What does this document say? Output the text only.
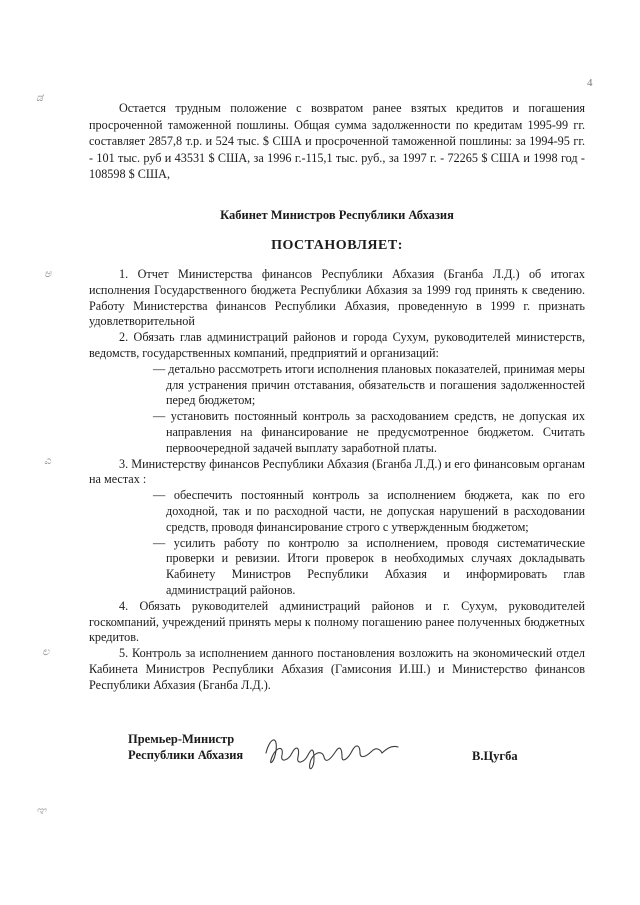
4
ಡ
ಅ
ಎ
ಲ
ಞ

Остается трудным положение с возвратом ранее взятых кредитов и погашения просроченной таможенной пошлины. Общая сумма задолженности по кредитам 1995-99 гг. составляет 2857,8 т.р. и 524 тыс. $ США и просроченной таможенной пошлины: за 1994-95 гг. - 101 тыс. руб и 43531 $ США, за 1996 г.-115,1 тыс. руб., за 1997 г. - 72265 $ США и 1998 год - 108598 $ США,

Кабинет Министров Республики Абхазия

ПОСТАНОВЛЯЕТ:

1. Отчет Министерства финансов Республики Абхазия (Бганба Л.Д.) об итогах исполнения Государственного бюджета Республики Абхазия за 1999 год принять к сведению. Работу Министерства финансов Республики Абхазия, проведенную в 1999 г. признать удовлетворительной

2. Обязать глав администраций районов и города Сухум, руководителей министерств, ведомств, государственных компаний, предприятий и организаций:

— детально рассмотреть итоги исполнения плановых показателей, принимая меры для устранения причин отставания, обязательств и погашения задолженностей перед бюджетом;

— установить постоянный контроль за расходованием средств, не допуская их направления на финансирование не предусмотренное бюджетом. Считать первоочередной задачей выплату заработной платы.

3. Министерству финансов Республики Абхазия (Бганба Л.Д.) и его финансовым органам на местах :

— обеспечить постоянный контроль за исполнением бюджета, как по его доходной, так и по расходной части, не допуская нарушений в расходовании средств, проводя финансирование строго с утвержденным бюджетом;

— усилить работу по контролю за исполнением, проводя систематические проверки и ревизии. Итоги проверок в необходимых случаях докладывать Кабинету Министров Республики Абхазия и информировать глав администраций районов.

4. Обязать руководителей администраций районов и г. Сухум, руководителей госкомпаний, учреждений принять меры к полному погашению ранее полученных бюджетных кредитов.

5. Контроль за исполнением данного постановления возложить на экономический отдел Кабинета Министров Республики Абхазия (Гамисония И.Ш.) и Министерство финансов Республики Абхазия (Бганба Л.Д.).

Премьер-Министр
Республики Абхазия	В.Цугба
